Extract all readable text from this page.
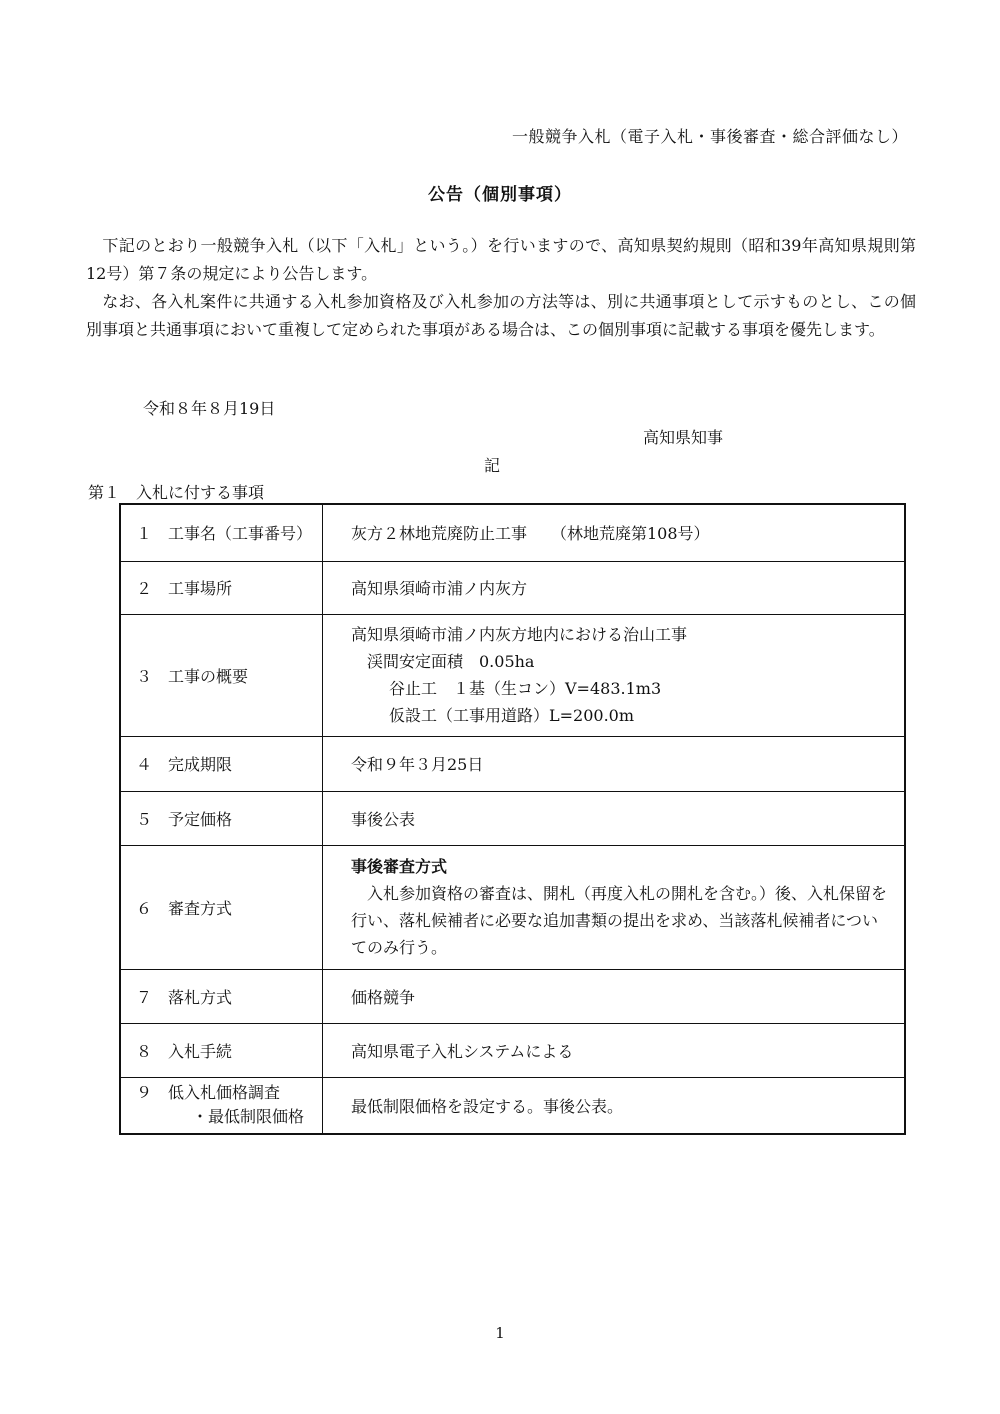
一般競争入札（電子入札・事後審査・総合評価なし）
公告（個別事項）
　下記のとおり一般競争入札（以下「入札」という。）を行いますので、高知県契約規則（昭和39年高知県規則第12号）第７条の規定により公告します。
　なお、各入札案件に共通する入札参加資格及び入札参加の方法等は、別に共通事項として示すものとし、この個別事項と共通事項において重複して定められた事項がある場合は、この個別事項に記載する事項を優先します。
令和８年８月19日
高知県知事
記
第１　入札に付する事項
１　工事名（工事番号）	灰方２林地荒廃防止工事　　（林地荒廃第108号）
２　工事場所	高知県須崎市浦ノ内灰方
３　工事の概要	高知県須崎市浦ノ内灰方地内における治山工事
渓間安定面積　0.05ha
谷止工　１基（生コン）V=483.1m3
仮設工（工事用道路）L=200.0m

４　完成期限	令和９年３月25日
５　予定価格	事後公表
６　審査方式	事後審査方式
　入札参加資格の審査は、開札（再度入札の開札を含む。）後、入札保留を行い、落札候補者に必要な追加書類の提出を求め、当該落札候補者についてのみ行う。

７　落札方式	価格競争
８　入札手続	高知県電子入札システムによる

９　低入札価格調査
・最低制限価格	最低制限価格を設定する。事後公表。
1
